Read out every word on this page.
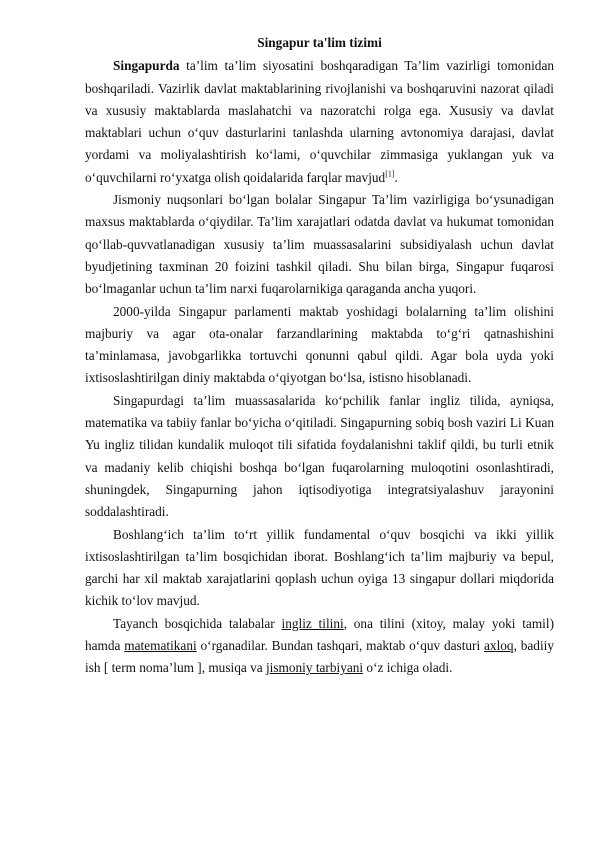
Singapur ta'lim tizimi

Singapurda ta’lim ta’lim siyosatini boshqaradigan Ta’lim vazirligi tomonidan boshqariladi. Vazirlik davlat maktablarining rivojlanishi va boshqaruvini nazorat qiladi va xususiy maktablarda maslahatchi va nazoratchi rolga ega. Xususiy va davlat maktablari uchun o‘quv dasturlarini tanlashda ularning avtonomiya darajasi, davlat yordami va moliyalashtirish ko‘lami, o‘quvchilar zimmasiga yuklangan yuk va o‘quvchilarni ro‘yxatga olish qoidalarida farqlar mavjud[1].

Jismoniy nuqsonlari bo‘lgan bolalar Singapur Ta’lim vazirligiga bo‘ysunadigan maxsus maktablarda o‘qiydilar. Ta’lim xarajatlari odatda davlat va hukumat tomonidan qo‘llab-quvvatlanadigan xususiy ta’lim muassasalarini subsidiyalash uchun davlat byudjetining taxminan 20 foizini tashkil qiladi. Shu bilan birga, Singapur fuqarosi bo‘lmaganlar uchun ta’lim narxi fuqarolarnikiga qaraganda ancha yuqori.

2000-yilda Singapur parlamenti maktab yoshidagi bolalarning ta’lim olishini majburiy va agar ota-onalar farzandlarining maktabda to‘g‘ri qatnashishini ta’minlamasa, javobgarlikka tortuvchi qonunni qabul qildi. Agar bola uyda yoki ixtisoslashtirilgan diniy maktabda o‘qiyotgan bo‘lsa, istisno hisoblanadi.

Singapurdagi ta’lim muassasalarida ko‘pchilik fanlar ingliz tilida, ayniqsa, matematika va tabiiy fanlar bo‘yicha o‘qitiladi. Singapurning sobiq bosh vaziri Li Kuan Yu ingliz tilidan kundalik muloqot tili sifatida foydalanishni taklif qildi, bu turli etnik va madaniy kelib chiqishi boshqa bo‘lgan fuqarolarning muloqotini osonlashtiradi, shuningdek, Singapurning jahon iqtisodiyotiga integratsiyalashuv jarayonini soddalashtiradi.

Boshlang‘ich ta’lim to‘rt yillik fundamental o‘quv bosqichi va ikki yillik ixtisoslashtirilgan ta’lim bosqichidan iborat. Boshlang‘ich ta’lim majburiy va bepul, garchi har xil maktab xarajatlarini qoplash uchun oyiga 13 singapur dollari miqdorida kichik to‘lov mavjud.

Tayanch bosqichida talabalar ingliz tilini, ona tilini (xitoy, malay yoki tamil) hamda matematikani o‘rganadilar. Bundan tashqari, maktab o‘quv dasturi axloq, badiiy ish [ term noma’lum ], musiqa va jismoniy tarbiyani o‘z ichiga oladi.
